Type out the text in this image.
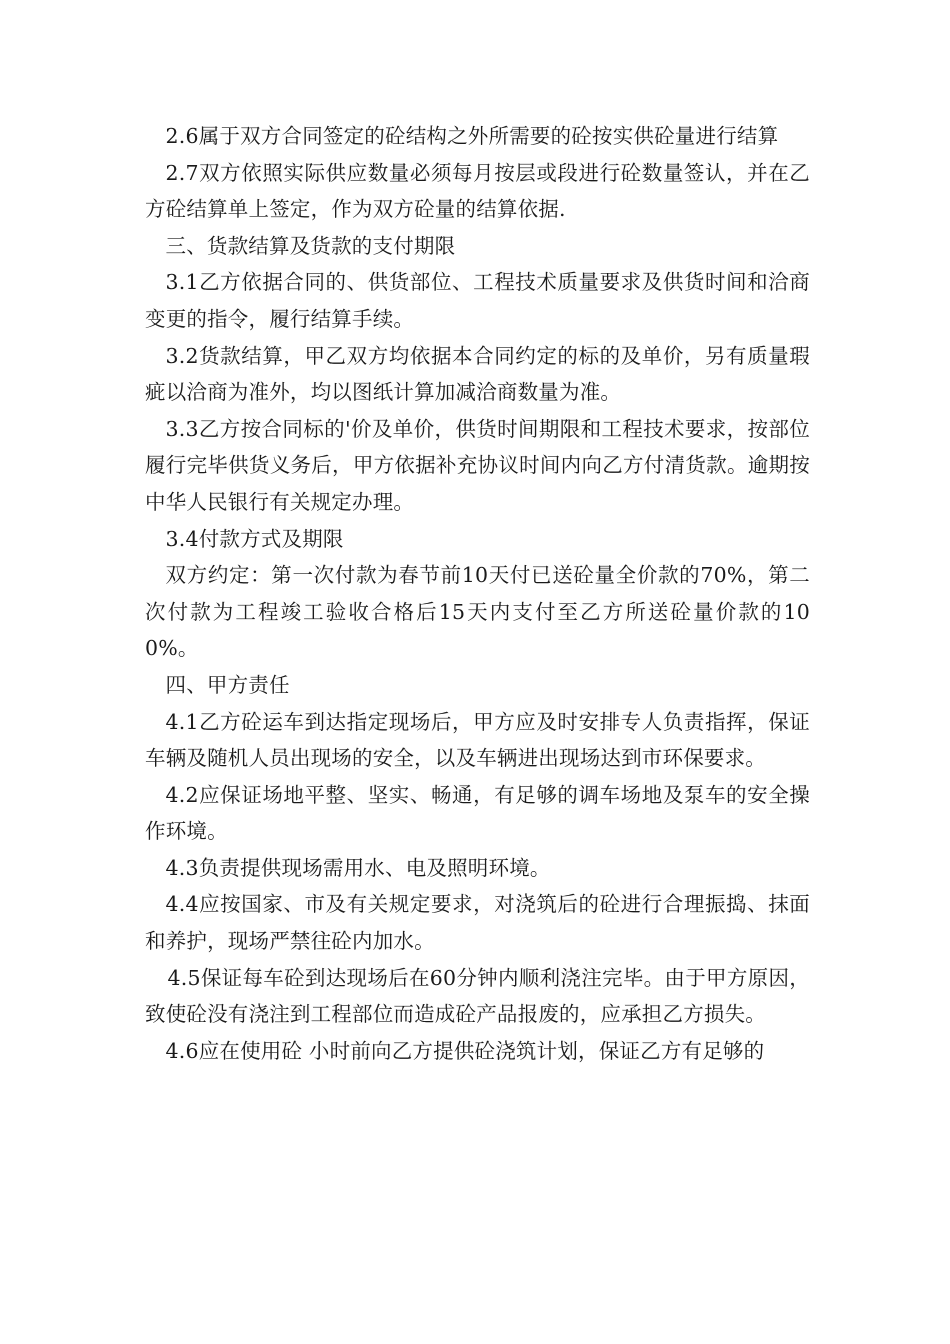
2.6属于双方合同签定的砼结构之外所需要的砼按实供砼量进行结算

2.7双方依照实际供应数量必须每月按层或段进行砼数量签认，并在乙方砼结算单上签定，作为双方砼量的结算依据.

三、货款结算及货款的支付期限

3.1乙方依据合同的、供货部位、工程技术质量要求及供货时间和洽商变更的指令，履行结算手续。

3.2货款结算，甲乙双方均依据本合同约定的标的及单价，另有质量瑕疵以洽商为准外，均以图纸计算加减洽商数量为准。

3.3乙方按合同标的'价及单价，供货时间期限和工程技术要求，按部位履行完毕供货义务后，甲方依据补充协议时间内向乙方付清货款。逾期按中华人民银行有关规定办理。

3.4付款方式及期限

双方约定：第一次付款为春节前10天付已送砼量全价款的70%，第二次付款为工程竣工验收合格后15天内支付至乙方所送砼量价款的100%。

四、甲方责任

4.1乙方砼运车到达指定现场后，甲方应及时安排专人负责指挥，保证车辆及随机人员出现场的安全，以及车辆进出现场达到市环保要求。

4.2应保证场地平整、坚实、畅通，有足够的调车场地及泵车的安全操作环境。

4.3负责提供现场需用水、电及照明环境。

4.4应按国家、市及有关规定要求，对浇筑后的砼进行合理振捣、抹面和养护，现场严禁往砼内加水。

4.5保证每车砼到达现场后在60分钟内顺利浇注完毕。由于甲方原因，致使砼没有浇注到工程部位而造成砼产品报废的，应承担乙方损失。

4.6应在使用砼 小时前向乙方提供砼浇筑计划，保证乙方有足够的
